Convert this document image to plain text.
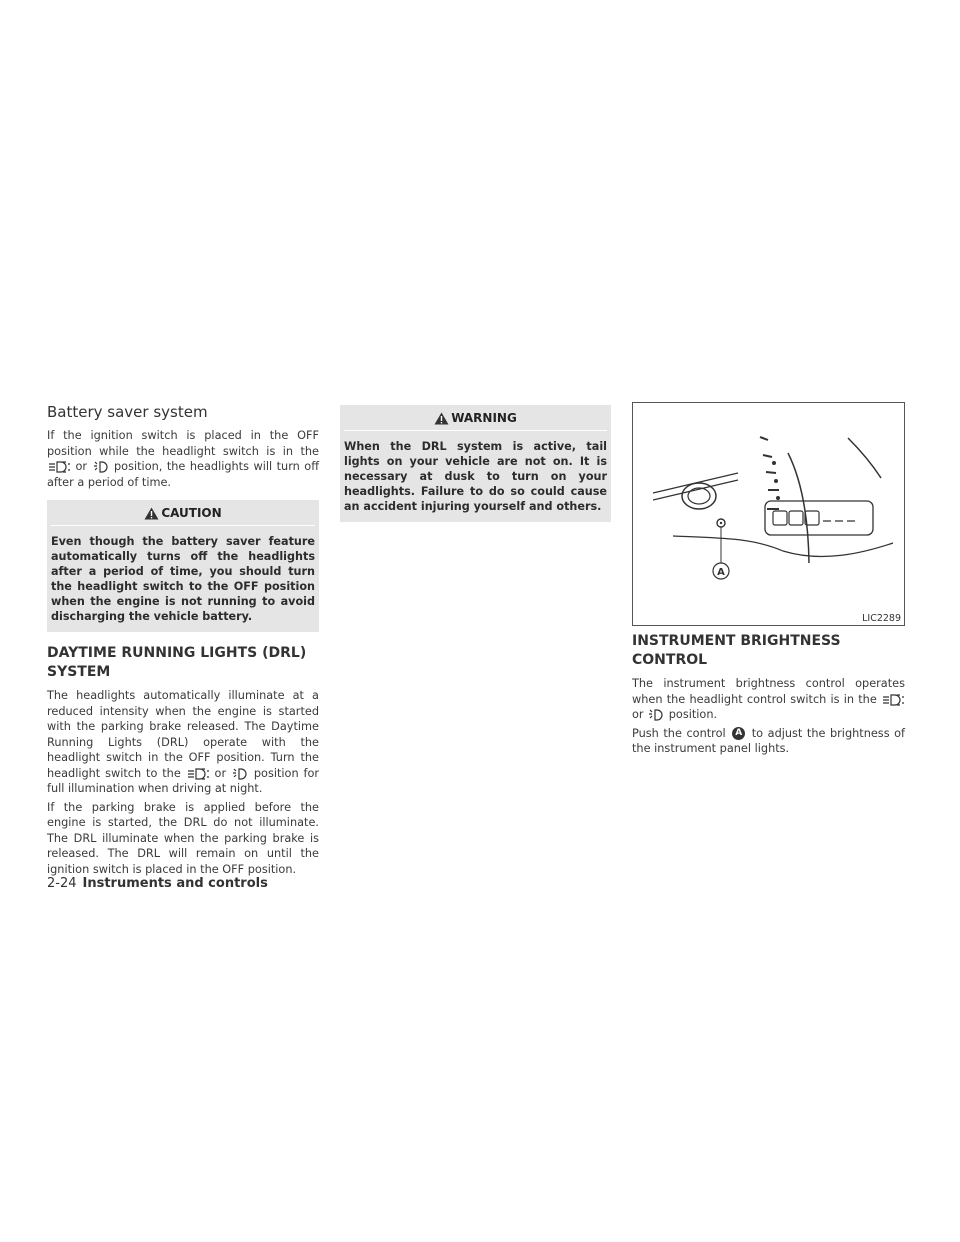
Battery saver system

If the ignition switch is placed in the OFF position while the headlight switch is in the  or position, the headlights will turn off after a period of time.

CAUTION

Even though the battery saver feature automatically turns off the headlights after a period of time, you should turn the headlight switch to the OFF position when the engine is not running to avoid discharging the vehicle battery.

DAYTIME RUNNING LIGHTS (DRL) SYSTEM

The headlights automatically illuminate at a reduced intensity when the engine is started with the parking brake released. The Daytime Running Lights (DRL) operate with the headlight switch in the OFF position. Turn the headlight switch to the	or position for full illumination when driving at night.

If the parking brake is applied before the engine is started, the DRL do not illuminate. The DRL illuminate when the parking brake is released. The DRL will remain on until the ignition switch is placed in the OFF position.

WARNING

When the DRL system is active, tail lights on your vehicle are not on. It is necessary at dusk to turn on your headlights. Failure to do so could cause an accident injuring yourself and others.

A
LIC2289
INSTRUMENT BRIGHTNESS CONTROL

The instrument brightness control operates when the headlight control switch is in the  or position.

Push the control A to adjust the brightness of the instrument panel lights.

2-24 Instruments and controls
